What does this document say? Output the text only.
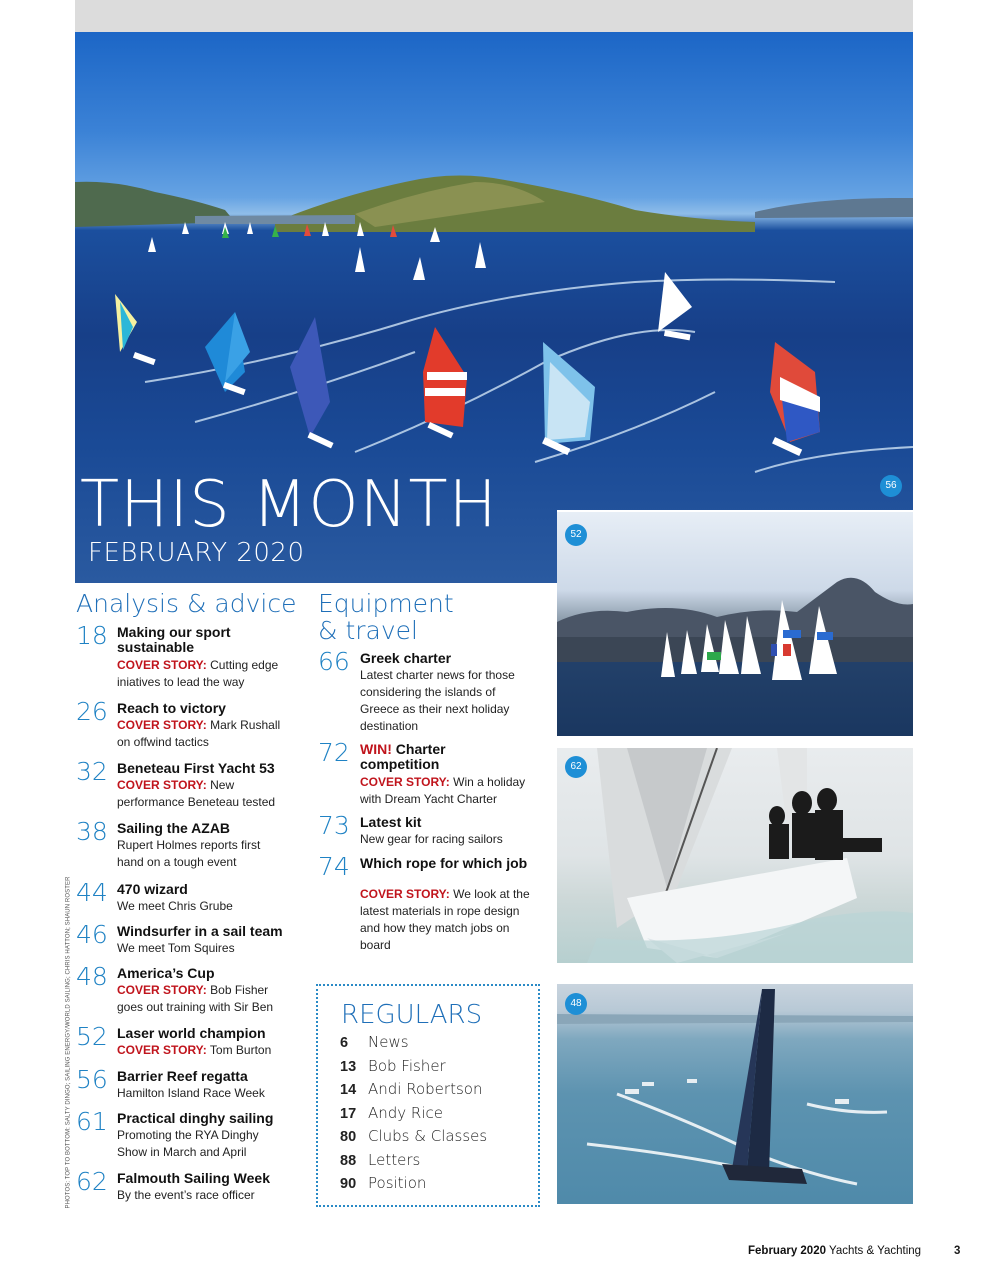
THIS MONTH
FEBRUARY 2020
56
52
62
48
Analysis & advice
18 Making our sport sustainable
COVER STORY: Cutting edge iniatives to lead the way
26 Reach to victory
COVER STORY: Mark Rushall on offwind tactics
32 Beneteau First Yacht 53
COVER STORY: New performance Beneteau tested
38 Sailing the AZAB
Rupert Holmes reports first hand on a tough event
44 470 wizard
We meet Chris Grube
46 Windsurfer in a sail team
We meet Tom Squires
48 America’s Cup
COVER STORY: Bob Fisher goes out training with Sir Ben
52 Laser world champion
COVER STORY: Tom Burton
56 Barrier Reef regatta
Hamilton Island Race Week
61 Practical dinghy sailing
Promoting the RYA Dinghy Show in March and April
62 Falmouth Sailing Week
By the event’s race officer
Equipment
& travel
66 Greek charter
Latest charter news for those considering the islands of Greece as their next holiday destination
72 WIN! Charter competition
COVER STORY: Win a holiday with Dream Yacht Charter
73 Latest kit
New gear for racing sailors
74 Which rope for which job
COVER STORY: We look at the latest materials in rope design and how they match jobs on board
REGULARS
6 News
13 Bob Fisher
14 Andi Robertson
17 Andy Rice
80 Clubs & Classes
88 Letters
90 Position
PHOTOS: TOP TO BOTTOM: SALTY DINGO; SAILING ENERGY/WORLD SAILING; CHRIS HATTON; SHAUN ROSTER
February 2020 Yachts & Yachting	3
